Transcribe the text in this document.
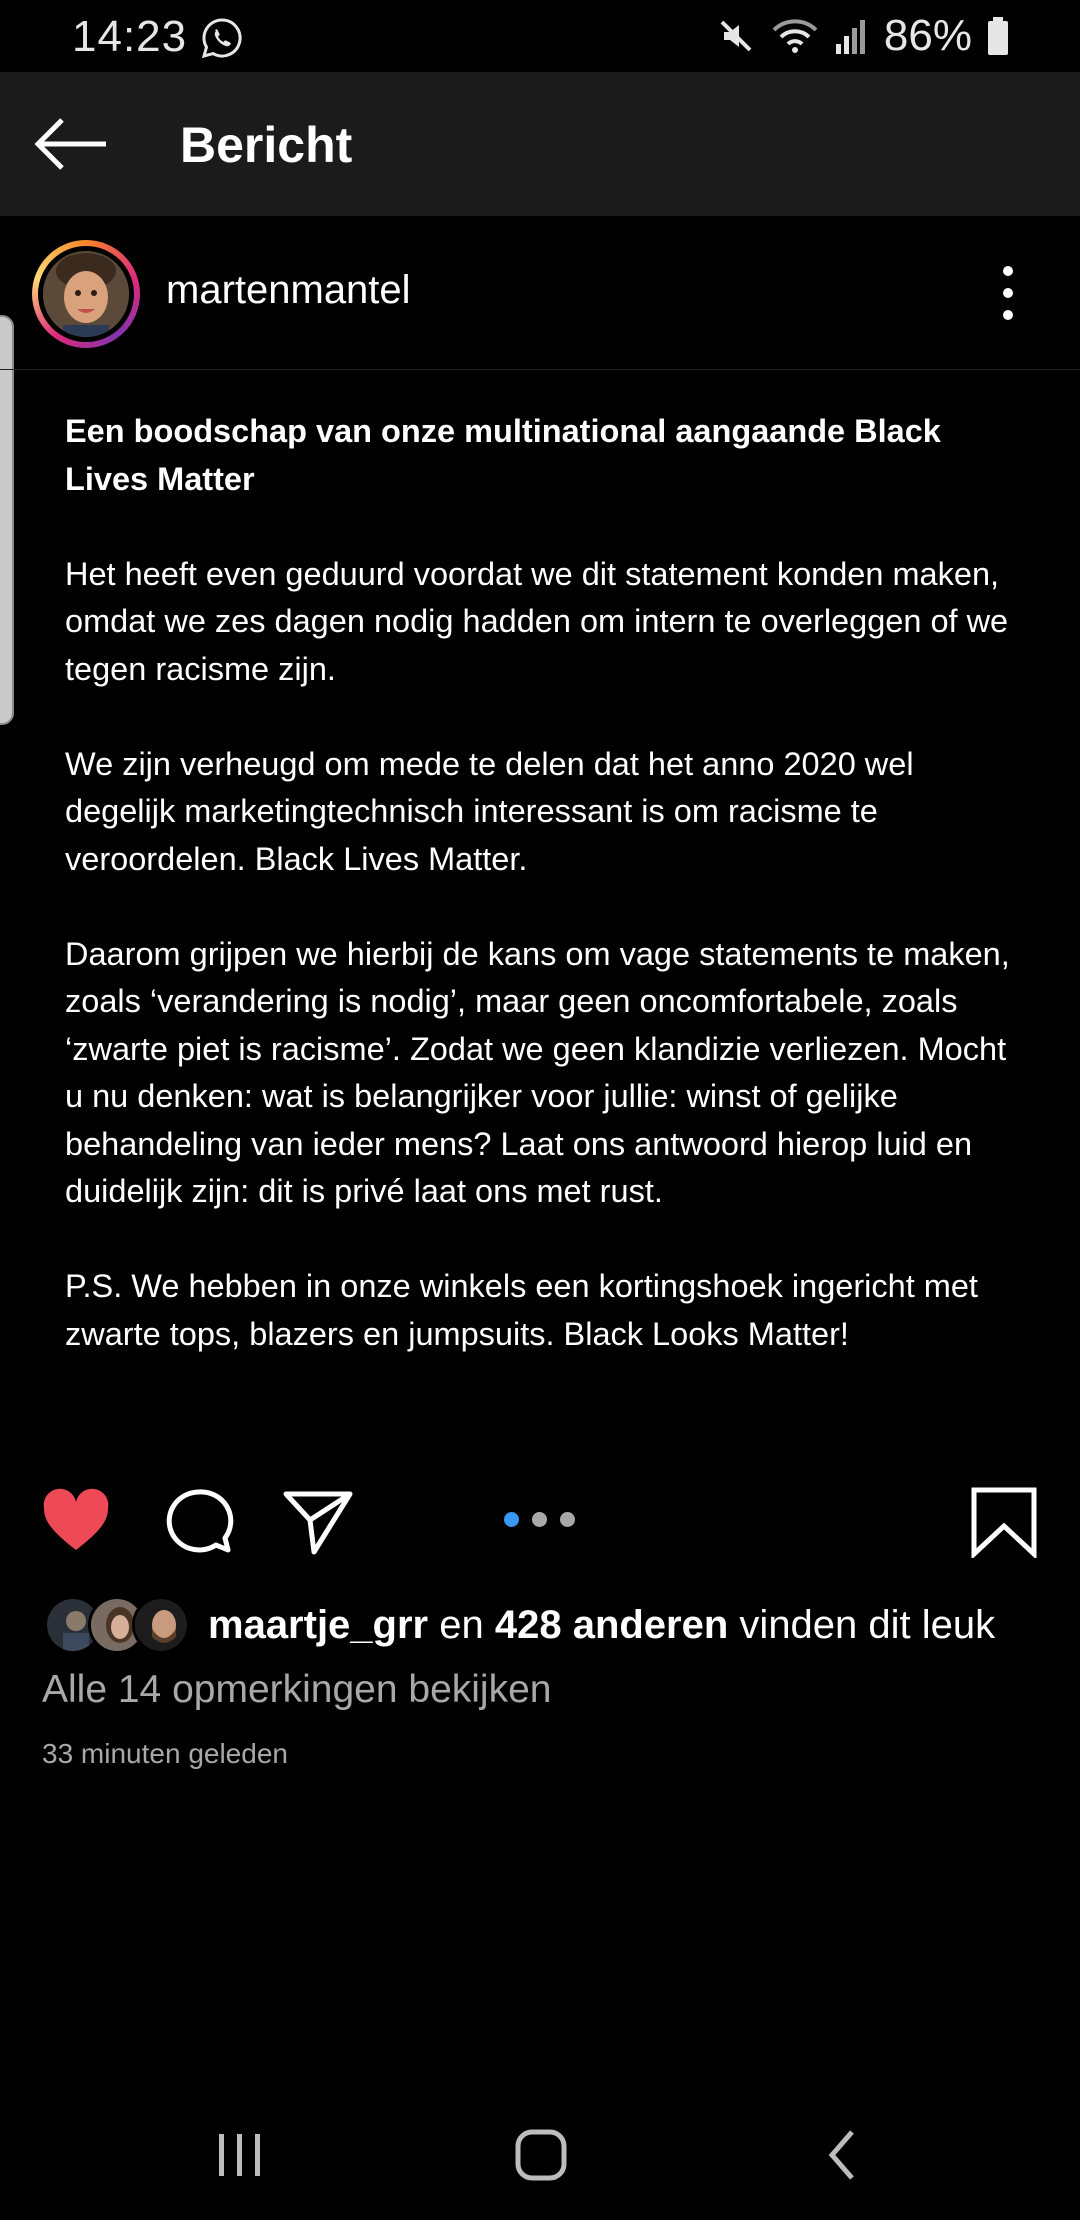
14:23	86%
Bericht
martenmantel
Een boodschap van onze multinational aangaande Black Lives Matter
Het heeft even geduurd voordat we dit statement konden maken, omdat we zes dagen nodig hadden om intern te overleggen of we tegen racisme zijn.
We zijn verheugd om mede te delen dat het anno 2020 wel degelijk marketingtechnisch interessant is om racisme te veroordelen. Black Lives Matter.
Daarom grijpen we hierbij de kans om vage statements te maken, zoals ‘verandering is nodig’, maar geen oncomfortabele, zoals ‘zwarte piet is racisme’. Zodat we geen klandizie verliezen. Mocht u nu denken: wat is belangrijker voor jullie: winst of gelijke behandeling van ieder mens? Laat ons antwoord hierop luid en duidelijk zijn: dit is privé laat ons met rust.
P.S. We hebben in onze winkels een kortingshoek ingericht met zwarte tops, blazers en jumpsuits. Black Looks Matter!
maartje_grr en 428 anderen vinden dit leuk
Alle 14 opmerkingen bekijken
33 minuten geleden
